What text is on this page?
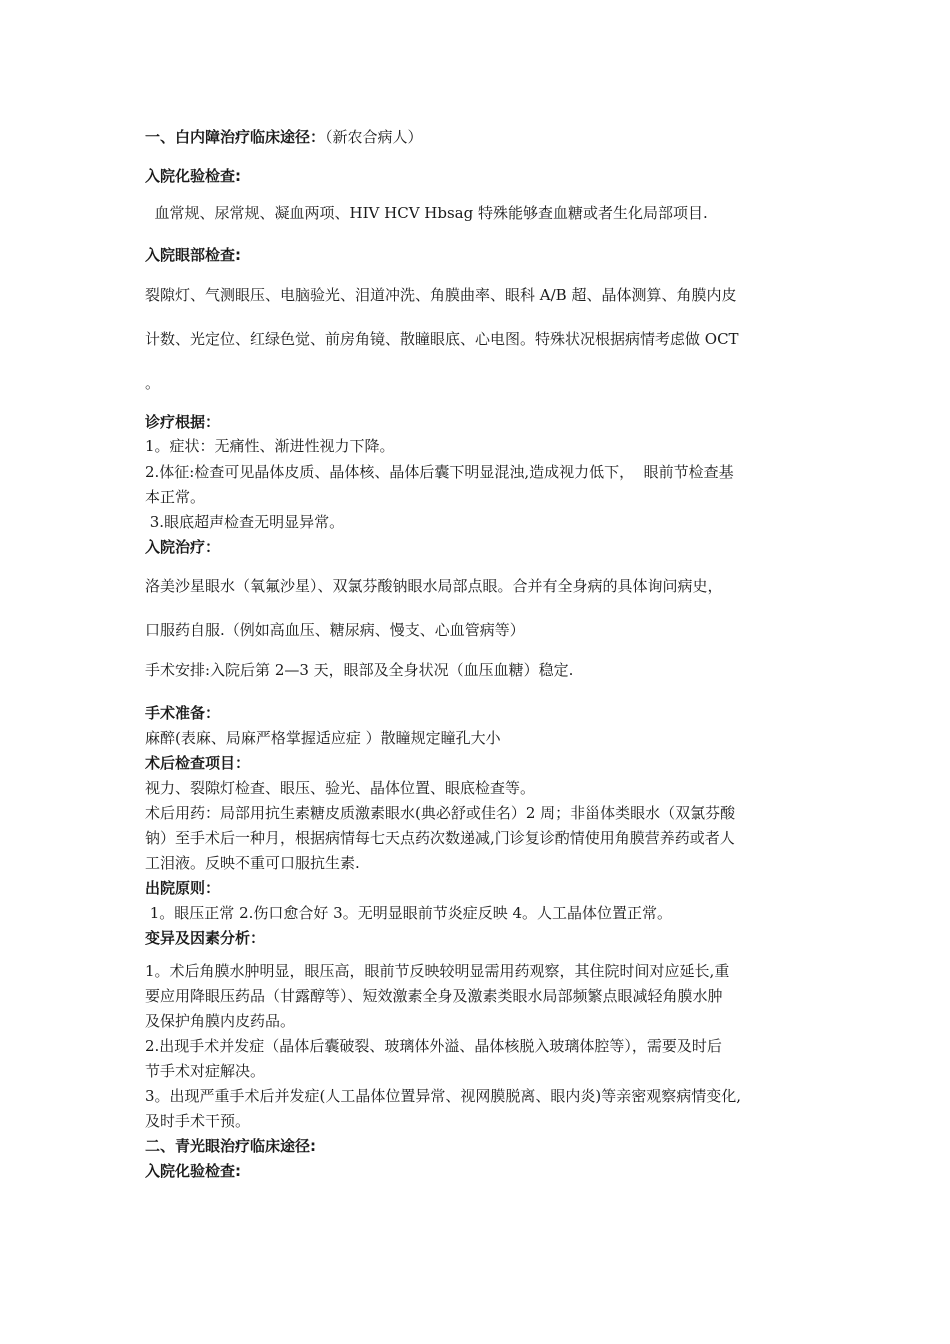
一、白内障治疗临床途径：（新农合病人）
入院化验检查:
血常规、尿常规、凝血两项、HIV HCV Hbsag 特殊能够查血糖或者生化局部项目.
入院眼部检查:
裂隙灯、气测眼压、电脑验光、泪道冲洗、角膜曲率、眼科 A/B 超、晶体测算、角膜内皮
计数、光定位、红绿色觉、前房角镜、散瞳眼底、心电图。特殊状况根据病情考虑做 OCT
。
诊疗根据：
1。症状：无痛性、渐进性视力下降。
2.体征:检查可见晶体皮质、晶体核、晶体后囊下明显混浊,造成视力低下，  眼前节检查基
本正常。
3.眼底超声检查无明显异常。
入院治疗：
洛美沙星眼水（氧氟沙星）、双氯芬酸钠眼水局部点眼。合并有全身病的具体询问病史，
口服药自服.（例如高血压、糖尿病、慢支、心血管病等）
手术安排:入院后第 2—3 天，眼部及全身状况（血压血糖）稳定.
手术准备：
麻醉(表麻、局麻严格掌握适应症 ）散瞳规定瞳孔大小
术后检查项目：
视力、裂隙灯检查、眼压、验光、晶体位置、眼底检查等。
术后用药：局部用抗生素糖皮质激素眼水(典必舒或佳名）2 周；非甾体类眼水（双氯芬酸
钠）至手术后一种月，根据病情每七天点药次数递减,门诊复诊酌情使用角膜营养药或者人
工泪液。反映不重可口服抗生素.
出院原则：
1。眼压正常 2.伤口愈合好 3。无明显眼前节炎症反映 4。人工晶体位置正常。
变异及因素分析：
1。术后角膜水肿明显，眼压高，眼前节反映较明显需用药观察，其住院时间对应延长,重
要应用降眼压药品（甘露醇等）、短效激素全身及激素类眼水局部频繁点眼减轻角膜水肿
及保护角膜内皮药品。
2.出现手术并发症（晶体后囊破裂、玻璃体外溢、晶体核脱入玻璃体腔等），需要及时后
节手术对症解决。
3。出现严重手术后并发症(人工晶体位置异常、视网膜脱离、眼内炎)等亲密观察病情变化,
及时手术干预。
二、青光眼治疗临床途径:
入院化验检查:
